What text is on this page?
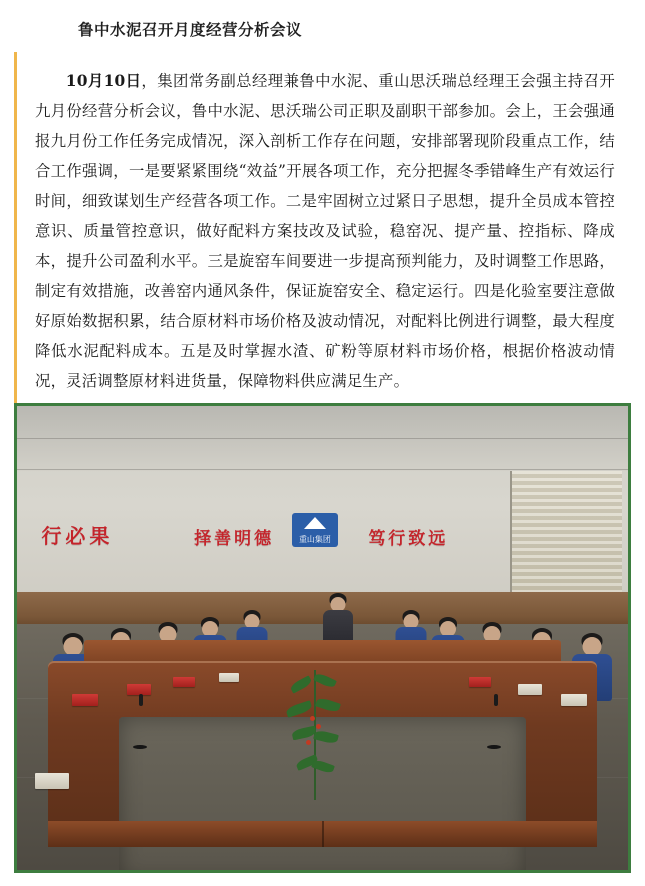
鲁中水泥召开月度经营分析会议

10月10日，集团常务副总经理兼鲁中水泥、重山思沃瑞总经理王会强主持召开九月份经营分析会议，鲁中水泥、思沃瑞公司正职及副职干部参加。会上，王会强通报九月份工作任务完成情况，深入剖析工作存在问题，安排部署现阶段重点工作，结合工作强调，一是要紧紧围绕“效益”开展各项工作，充分把握冬季错峰生产有效运行时间，细致谋划生产经营各项工作。二是牢固树立过紧日子思想，提升全员成本管控意识、质量管控意识，做好配料方案技改及试验，稳窑况、提产量、控指标、降成本，提升公司盈利水平。三是旋窑车间要进一步提高预判能力，及时调整工作思路，制定有效措施，改善窑内通风条件，保证旋窑安全、稳定运行。四是化验室要注意做好原始数据积累，结合原材料市场价格及波动情况，对配料比例进行调整，最大程度降低水泥配料成本。五是及时掌握水渣、矿粉等原材料市场价格，根据价格波动情况，灵活调整原材料进货量，保障物料供应满足生产。

行必果	择善明德	重山集团	笃行致远
